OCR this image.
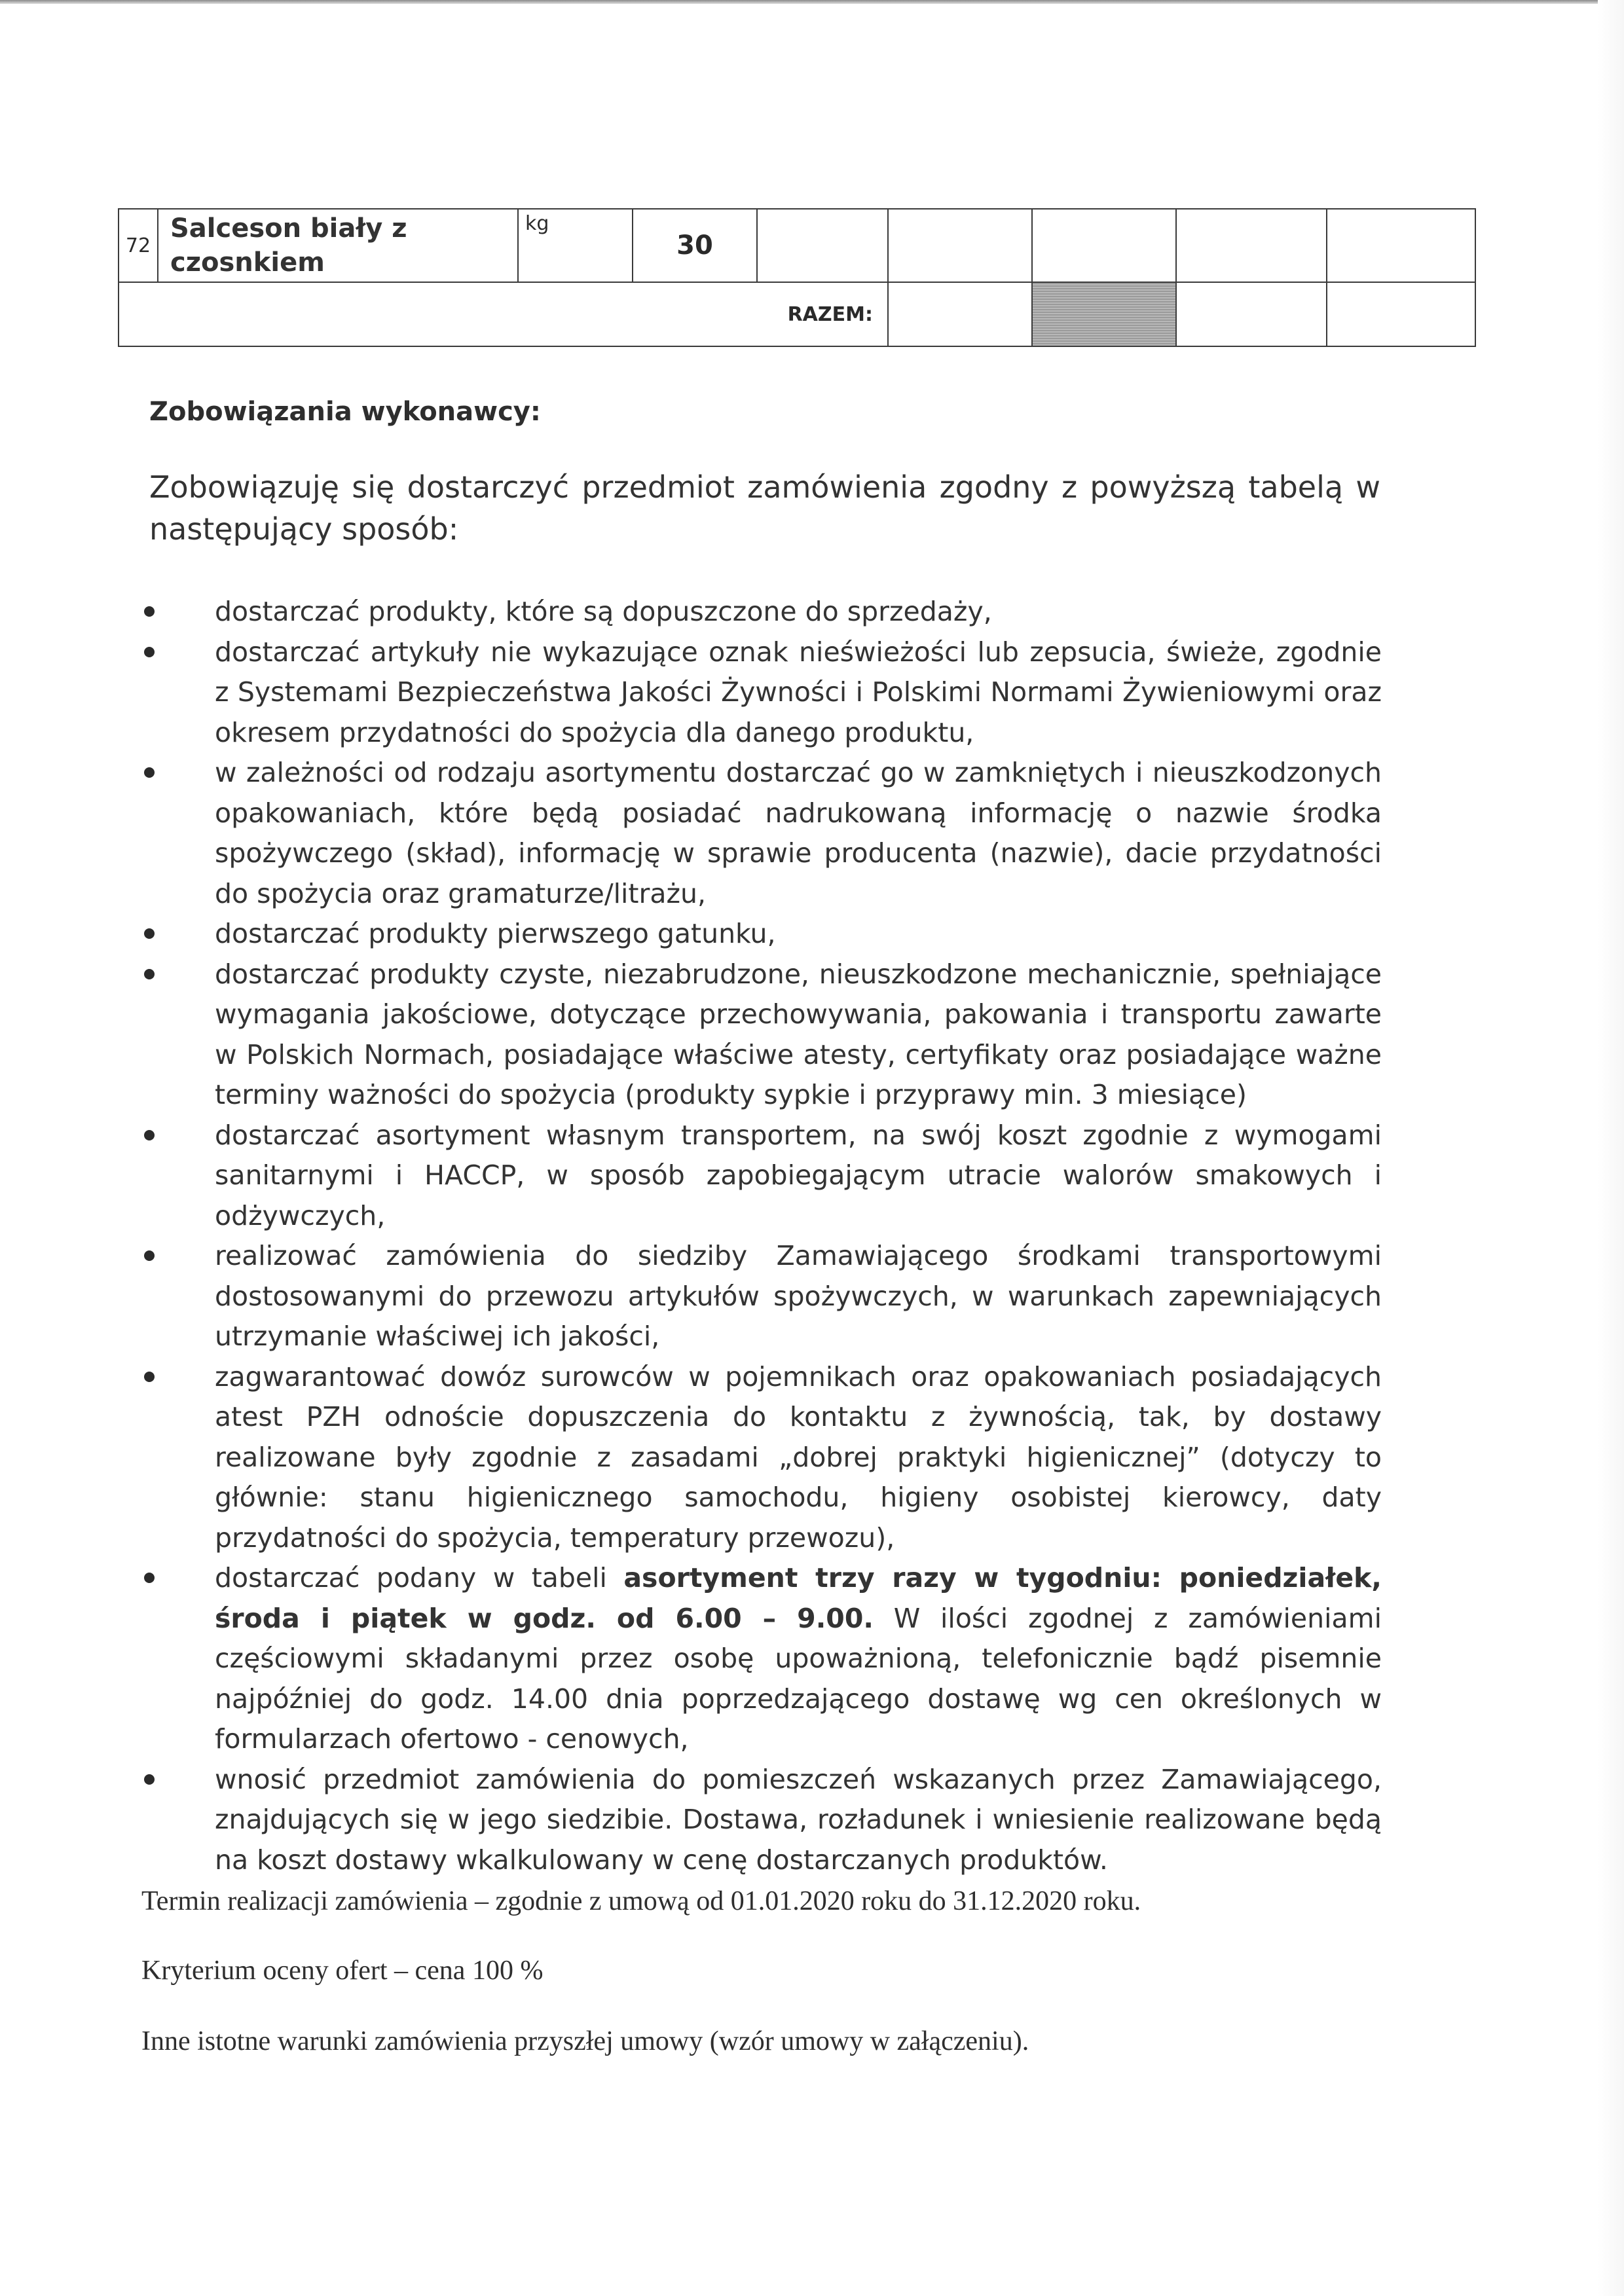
72	Salceson biały z czosnkiem	kg	30					
RAZEM:								
Zobowiązania wykonawcy:
Zobowiązuję się dostarczyć przedmiot zamówienia zgodny z powyższą tabelą w następujący sposób:
dostarczać produkty, które są dopuszczone do sprzedaży,
dostarczać artykuły nie wykazujące oznak nieświeżości lub zepsucia, świeże, zgodnie z Systemami Bezpieczeństwa Jakości Żywności i Polskimi Normami Żywieniowymi oraz okresem przydatności do spożycia dla danego produktu,
w zależności od rodzaju asortymentu dostarczać go w zamkniętych i nieuszkodzonych opakowaniach, które będą posiadać nadrukowaną informację o nazwie środka spożywczego (skład), informację w sprawie producenta (nazwie), dacie przydatności do spożycia oraz gramaturze/litrażu,
dostarczać produkty pierwszego gatunku,
dostarczać produkty czyste, niezabrudzone, nieuszkodzone mechanicznie, spełniające wymagania jakościowe, dotyczące przechowywania, pakowania i transportu zawarte w Polskich Normach, posiadające właściwe atesty, certyfikaty oraz posiadające ważne terminy ważności do spożycia (produkty sypkie i przyprawy min. 3 miesiące)
dostarczać asortyment własnym transportem, na swój koszt zgodnie z wymogami sanitarnymi i HACCP, w sposób zapobiegającym utracie walorów smakowych i odżywczych,
realizować zamówienia do siedziby Zamawiającego środkami transportowymi dostosowanymi do przewozu artykułów spożywczych, w warunkach zapewniających utrzymanie właściwej ich jakości,
zagwarantować dowóz surowców w pojemnikach oraz opakowaniach posiadających atest PZH odnoście dopuszczenia do kontaktu z żywnością, tak, by dostawy realizowane były zgodnie z zasadami „dobrej praktyki higienicznej” (dotyczy to głównie: stanu higienicznego samochodu, higieny osobistej kierowcy, daty przydatności do spożycia, temperatury przewozu),
dostarczać podany w tabeli asortyment trzy razy w tygodniu: poniedziałek, środa i piątek w godz. od 6.00 – 9.00. W ilości zgodnej z zamówieniami częściowymi składanymi przez osobę upoważnioną, telefonicznie bądź pisemnie najpóźniej do godz. 14.00 dnia poprzedzającego dostawę wg cen określonych w formularzach ofertowo - cenowych,
wnosić przedmiot zamówienia do pomieszczeń wskazanych przez Zamawiającego, znajdujących się w jego siedzibie. Dostawa, rozładunek i wniesienie realizowane będą na koszt dostawy wkalkulowany w cenę dostarczanych produktów.
Termin realizacji zamówienia – zgodnie z umową od 01.01.2020 roku do 31.12.2020 roku.
Kryterium oceny ofert – cena 100 %
Inne istotne warunki zamówienia przyszłej umowy (wzór umowy w załączeniu).
